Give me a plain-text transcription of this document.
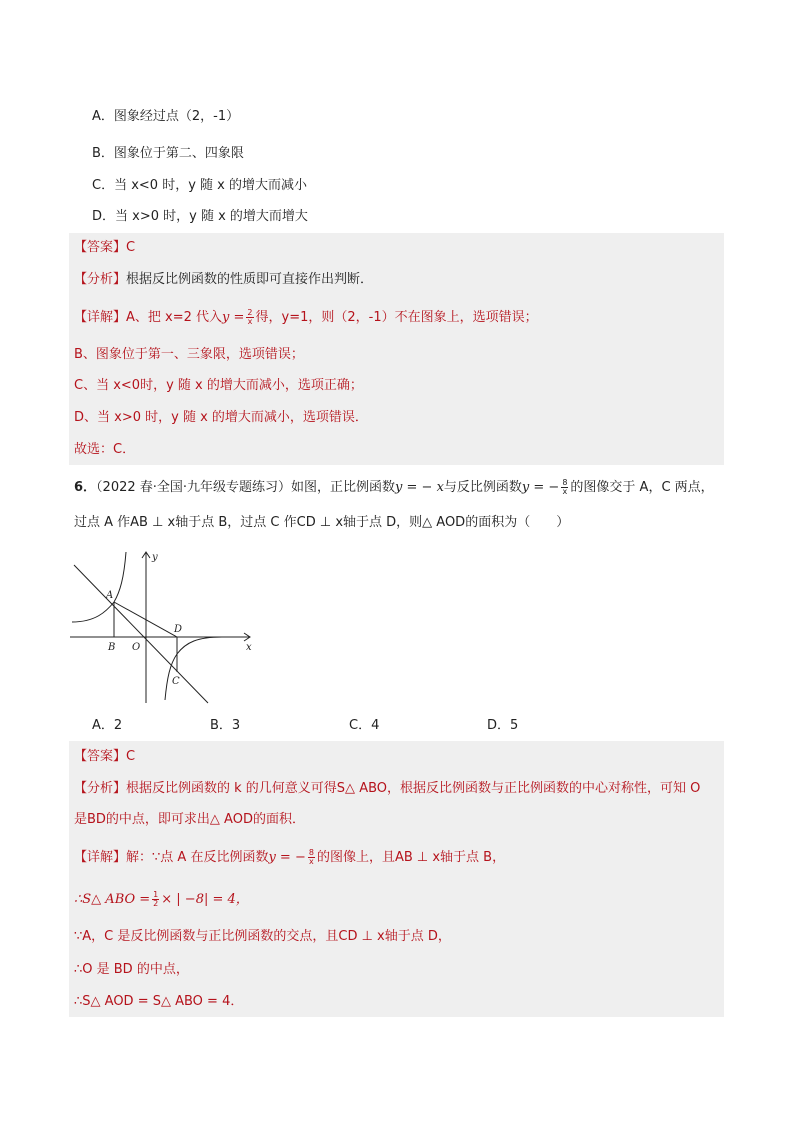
A．图象经过点（2，-1）
B．图象位于第二、四象限
C．当 x<0 时，y 随 x 的增大而减小
D．当 x>0 时，y 随 x 的增大而增大
【答案】C
【分析】根据反比例函数的性质即可直接作出判断．
【详解】A、把 x=2 代入$y = \frac{2}{x}$ 得，y=1，则（2，-1）不在图象上，选项错误；
B、图象位于第一、三象限，选项错误；
C、当 x<0时，y 随 x 的增大而减小，选项正确；
D、当 x>0 时，y 随 x 的增大而减小，选项错误．
故选：C．
6．（2022 春·全国·九年级专题练习）如图，正比例函数y = − x与反比例函数y = − $\frac{8}{x}$ 的图像交于 A，C 两点，
过点 A 作AB ⊥ x轴于点 B，过点 C 作CD ⊥ x轴于点 D，则△ AOD的面积为（　　）
A
B O
D
C
x
y
A．2	B．3	C．4	D．5
【答案】C
【分析】根据反比例函数的 k 的几何意义可得S△ ABO，根据反比例函数与正比例函数的中心对称性，可知 O
是BD的中点，即可求出△ AOD的面积．
【详解】解：∵点 A 在反比例函数y = − $\frac{8}{x}$ 的图像上，且AB ⊥ x轴于点 B，
∴S△ ABO = $\frac{1}{2}$ × | −8| = 4，
∵A，C 是反比例函数与正比例函数的交点，且CD ⊥ x轴于点 D，
∴O 是 BD 的中点，
∴S△ AOD = S△ ABO = 4．
